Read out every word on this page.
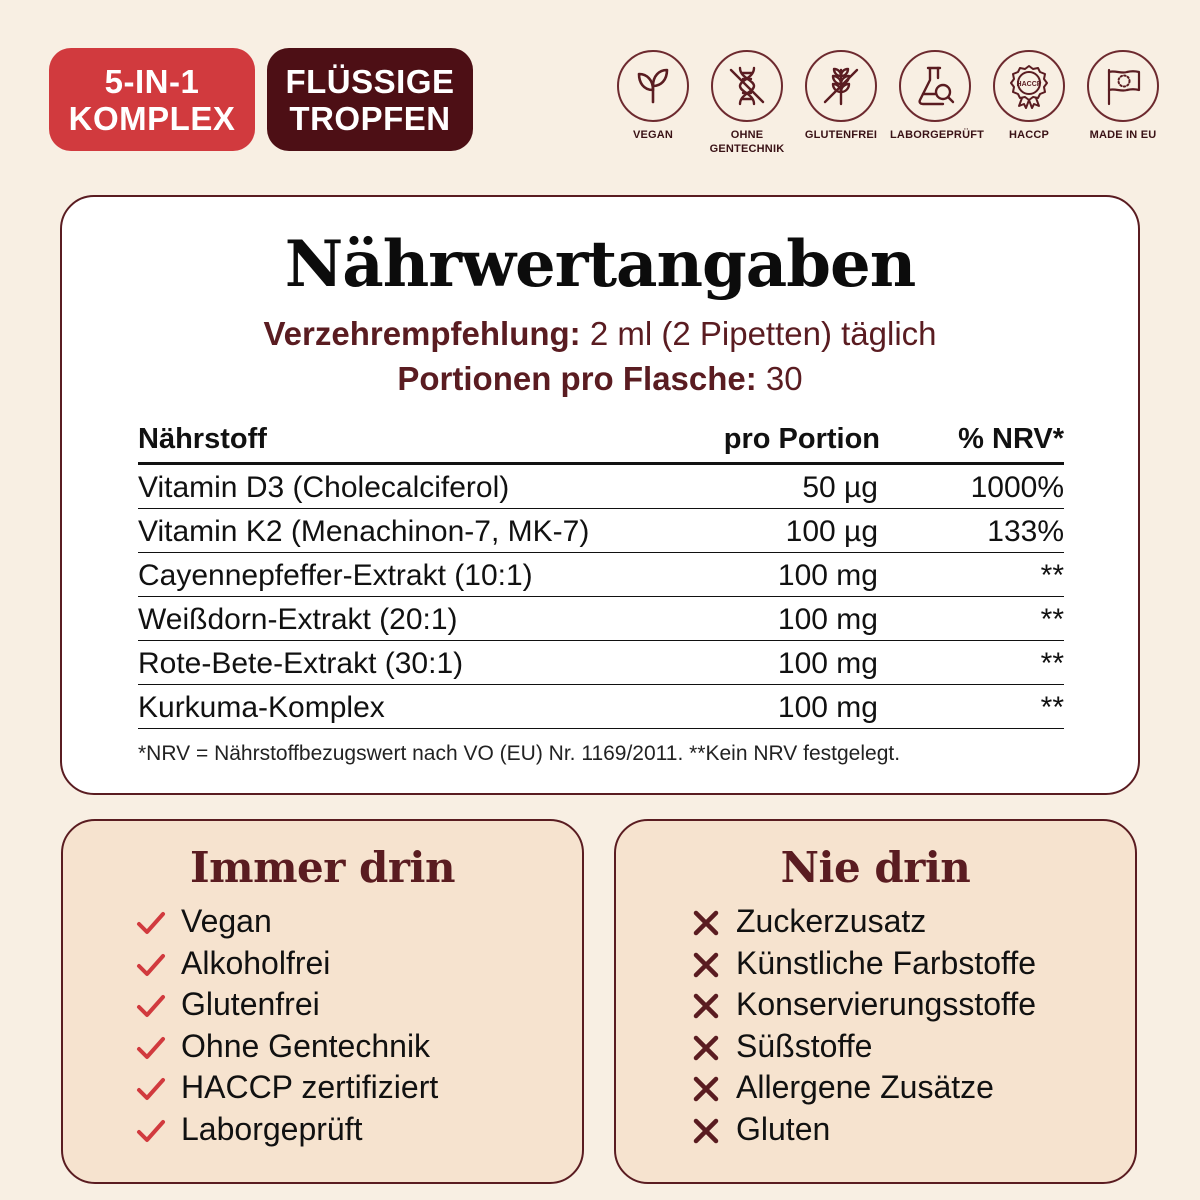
5-IN-1
KOMPLEX
FLÜSSIGE
TROPFEN	VEGAN	OHNE
GENTECHNIK
GLUTENFREI	LABORGEPRÜFT
HACCP
HACCP	MADE IN EU
Nährwertangaben
Verzehrempfehlung: 2 ml (2 Pipetten) täglich
Portionen pro Flasche: 30
Nährstoff	pro Portion	% NRV*
Vitamin D3 (Cholecalciferol)	50 µg	1000%
Vitamin K2 (Menachinon-7, MK-7)	100 µg	133%
Cayennepfeffer-Extrakt (10:1)	100 mg	**
Weißdorn-Extrakt (20:1)	100 mg	**
Rote-Bete-Extrakt (30:1)	100 mg	**
Kurkuma-Komplex	100 mg	**
*NRV = Nährstoffbezugswert nach VO (EU) Nr. 1169/2011. **Kein NRV festgelegt.
Immer drin
Vegan
Alkoholfrei
Glutenfrei
Ohne Gentechnik
HACCP zertifiziert
Laborgeprüft
Nie drin
Zuckerzusatz
Künstliche Farbstoffe
Konservierungsstoffe
Süßstoffe
Allergene Zusätze
Gluten
